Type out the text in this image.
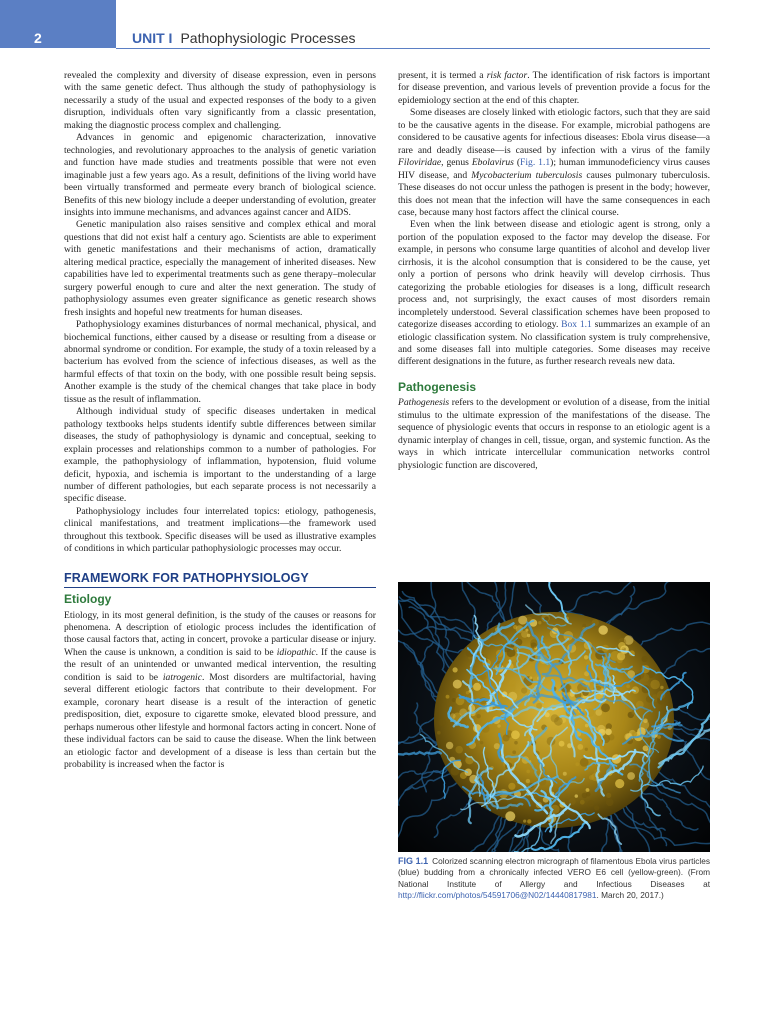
2	UNIT I Pathophysiologic Processes

revealed the complexity and diversity of disease expression, even in persons with the same genetic defect. Thus although the study of pathophysiology is necessarily a study of the usual and expected responses of the body to a given disruption, individuals often vary significantly from a classic presentation, making the diagnostic process complex and challenging.

Advances in genomic and epigenomic characterization, innovative technologies, and revolutionary approaches to the analysis of genetic variation and function have made studies and treatments possible that were not even imaginable just a few years ago. As a result, definitions of the living world have been virtually transformed and permeate every branch of biological science. Benefits of this new biology include a deeper understanding of evolution, greater insights into immune mechanisms, and advances against cancer and AIDS.

Genetic manipulation also raises sensitive and complex ethical and moral questions that did not exist half a century ago. Scientists are able to experiment with genetic manifestations and their mechanisms of action, dramatically altering medical practice, especially the management of inherited diseases. New capabilities have led to experimental treatments such as gene therapy–molecular surgery powerful enough to cure and alter the next generation. The study of pathophysiology assumes even greater significance as genetic research shows fresh insights and hopeful new treatments for human diseases.

Pathophysiology examines disturbances of normal mechanical, physical, and biochemical functions, either caused by a disease or resulting from a disease or abnormal syndrome or condition. For example, the study of a toxin released by a bacterium has evolved from the science of infectious diseases, as well as the harmful effects of that toxin on the body, with one possible result being sepsis. Another example is the study of the chemical changes that take place in body tissue as the result of inflammation.

Although individual study of specific diseases undertaken in medical pathology textbooks helps students identify subtle differences between similar diseases, the study of pathophysiology is dynamic and conceptual, seeking to explain processes and relationships common to a number of pathologies. For example, the pathophysiology of inflammation, hypotension, fluid volume deficit, hypoxia, and ischemia is important to the understanding of a large number of different pathologies, but each separate process is not necessarily a specific disease.

Pathophysiology includes four interrelated topics: etiology, pathogenesis, clinical manifestations, and treatment implications—the framework used throughout this textbook. Specific diseases will be used as illustrative examples of conditions in which particular pathophysiologic processes may occur.

FRAMEWORK FOR PATHOPHYSIOLOGY
Etiology

Etiology, in its most general definition, is the study of the causes or reasons for phenomena. A description of etiologic process includes the identification of those causal factors that, acting in concert, provoke a particular disease or injury. When the cause is unknown, a condition is said to be idiopathic. If the cause is the result of an unintended or unwanted medical intervention, the resulting condition is said to be iatrogenic. Most disorders are multifactorial, having several different etiologic factors that contribute to their development. For example, coronary heart disease is a result of the interaction of genetic predisposition, diet, exposure to cigarette smoke, elevated blood pressure, and perhaps numerous other lifestyle and hormonal factors acting in concert. None of these individual factors can be said to cause the disease. When the link between an etiologic factor and development of a disease is less than certain but the probability is increased when the factor is

present, it is termed a risk factor. The identification of risk factors is important for disease prevention, and various levels of prevention provide a focus for the epidemiology section at the end of this chapter.

Some diseases are closely linked with etiologic factors, such that they are said to be the causative agents in the disease. For example, microbial pathogens are considered to be causative agents for infectious diseases: Ebola virus disease—a rare and deadly disease—is caused by infection with a virus of the family Filoviridae, genus Ebolavirus (Fig. 1.1); human immunodeficiency virus causes HIV disease, and Mycobacterium tuberculosis causes pulmonary tuberculosis. These diseases do not occur unless the pathogen is present in the body; however, this does not mean that the infection will have the same consequences in each case, because many host factors affect the clinical course.

Even when the link between disease and etiologic agent is strong, only a portion of the population exposed to the factor may develop the disease. For example, in persons who consume large quantities of alcohol and develop liver cirrhosis, it is the alcohol consumption that is considered to be the cause, yet only a portion of persons who drink heavily will develop cirrhosis. Thus categorizing the probable etiologies for diseases is a long, difficult research process and, not surprisingly, the exact causes of most disorders remain incompletely understood. Several classification schemes have been proposed to categorize diseases according to etiology. Box 1.1 summarizes an example of an etiologic classification system. No classification system is truly comprehensive, and some diseases fall into multiple categories. Some diseases may receive different designations in the future, as further research reveals new data.

Pathogenesis

Pathogenesis refers to the development or evolution of a disease, from the initial stimulus to the ultimate expression of the manifestations of the disease. The sequence of physiologic events that occurs in response to an etiologic agent is a dynamic interplay of changes in cell, tissue, organ, and systemic function. As the ways in which intricate intercellular communication networks control physiologic function are discovered,

FIG 1.1 Colorized scanning electron micrograph of filamentous Ebola virus particles (blue) budding from a chronically infected VERO E6 cell (yellow-green). (From National Institute of Allergy and Infectious Diseases at http://flickr.com/photos/54591706@N02/14440817981. March 20, 2017.)
